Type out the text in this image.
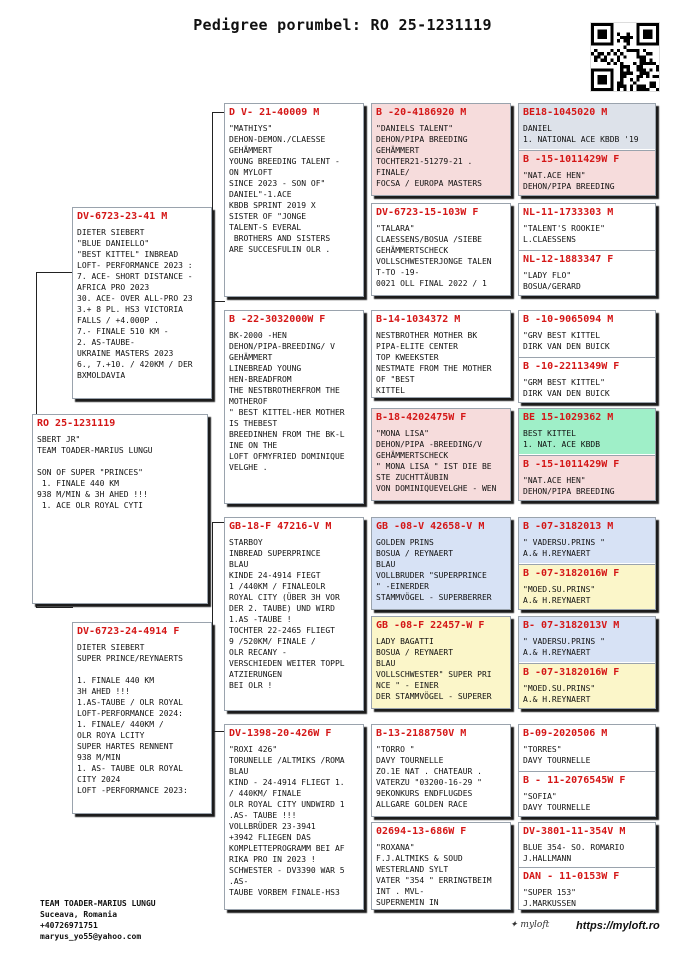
Pedigree porumbel: RO 25-1231119
RO 25-1231119
SBERT JR"
TEAM TOADER-MARIUS LUNGU

SON OF SUPER "PRINCES"
1. FINALE 440 KM
938 M/MIN & 3H AHED !!!
1. ACE OLR ROYAL CYTI
DV-6723-23-41 M
DIETER SIEBERT
"BLUE DANIELLO"
"BEST KITTEL" INBREAD
LOFT- PERFORMANCE 2023 :
7. ACE- SHORT DISTANCE -
AFRICA PRO 2023
30. ACE- OVER ALL-PRO 23
3.+ 8 PL. HS3 VICTORIA
FALLS / +4.000P .
7.- FINALE 510 KM -
2. AS-TAUBE-
UKRAINE MASTERS 2023
6., 7.+10. / 420KM / DER
BXMOLDAVIA
DV-6723-24-4914 F
DIETER SIEBERT
SUPER PRINCE/REYNAERTS

1. FINALE 440 KM
3H AHED !!!
1.AS-TAUBE / OLR ROYAL
LOFT-PERFORMANCE 2024:
1. FINALE/ 440KM /
OLR ROYA LCITY
SUPER HARTES RENNENT
938 M/MIN
1. AS- TAUBE OLR ROYAL
CITY 2024
LOFT -PERFORMANCE 2023:
D V- 21-40009 M
"MATHIYS"
DEHON-DEMON./CLAESSE
GEHÄMMERT
YOUNG BREEDING TALENT -
ON MYLOFT
SINCE 2023 - SON OF"
DANIEL"-1.ACE
KBDB SPRINT 2019 X
SISTER OF "JONGE
TALENT-S EVERAL
BROTHERS AND SISTERS
ARE SUCCESFULIN OLR .
B -22-3032000W F
BK-2000 -HEN
DEHON/PIPA-BREEDING/ V
GEHÄMMERT
LINEBREAD YOUNG
HEN-BREADFROM
THE NESTBROTHERFROM THE
MOTHEROF
" BEST KITTEL-HER MOTHER
IS THEBEST
BREEDINHEN FROM THE BK-L
INE ON THE
LOFT OFMYFRIED DOMINIQUE
VELGHE .
GB-18-F 47216-V M
STARBOY
INBREAD SUPERPRINCE
BLAU
KINDE 24-4914 FIEGT
1 /440KM / FINALEOLR
ROYAL CITY (ÜBER 3H VOR
DER 2. TAUBE) UND WIRD
1.AS -TAUBE !
TOCHTER 22-2465 FLIEGT
9 /520KM/ FINALE /
OLR RECANY -
VERSCHIEDEN WEITER TOPPL
ATZIERUNGEN
BEI OLR !
DV-1398-20-426W F
"ROXI 426"
TORUNELLE /ALTMIKS /ROMA
BLAU
KIND - 24-4914 FLIEGT 1.
/ 440KM/ FINALE
OLR ROYAL CITY UNDWIRD 1
.AS- TAUBE !!!
VOLLBRÜDER 23-3941
+3942 FLIEGEN DAS
KOMPLETTEPROGRAMM BEI AF
RIKA PRO IN 2023 !
SCHWESTER - DV3390 WAR 5
.AS-
TAUBE VORBEM FINALE-HS3
B -20-4186920 M
"DANIELS TALENT"
DEHON/PIPA BREEDING
GEHÄMMERT
TOCHTER21-51279-21 .
FINALE/
FOCSA / EUROPA MASTERS
DV-6723-15-103W F
"TALARA"
CLAESSENS/BOSUA /SIEBE
GEHÄMMERTSCHECK
VOLLSCHWESTERJONGE TALEN
T-TO -19-
0021 OLL FINAL 2022 / 1
B-14-1034372 M
NESTBROTHER MOTHER BK
PIPA-ELITE CENTER
TOP KWEEKSTER
NESTMATE FROM THE MOTHER
OF "BEST
KITTEL
B-18-4202475W F
"MONA LISA"
DEHON/PIPA -BREEDING/V
GEHÄMMERTSCHECK
" MONA LISA " IST DIE BE
STE ZUCHTTÄUBIN
VON DOMINIQUEVELGHE - WEN
GB -08-V 42658-V M
GOLDEN PRINS
BOSUA / REYNAERT
BLAU
VOLLBRUDER "SUPERPRINCE
" -EINERDER
STAMMVÖGEL - SUPERBERRER
GB -08-F 22457-W F
LADY BAGATTI
BOSUA / REYNAERT
BLAU
VOLLSCHWESTER" SUPER PRI
NCE " - EINER
DER STAMMVÖGEL - SUPERER
B-13-2188750V M
"TORRO "
DAVY TOURNELLE
ZO.1E NAT . CHATEAUR .
VATERZU "03200-16-29 "
9EKONKURS ENDFLUGDES
ALLGARE GOLDEN RACE
02694-13-686W F
"ROXANA"
F.J.ALTMIKS & SOUD
WESTERLAND SYLT
VATER "354 " ERRINGTBEIM
INT . MVL-
SUPERNEMIN IN
BE18-1045020 M
DANIEL
1. NATIONAL ACE KBDB '19
B -15-1011429W F
"NAT.ACE HEN"
DEHON/PIPA BREEDING
NL-11-1733303 M
"TALENT'S ROOKIE"
L.CLAESSENS
NL-12-1883347 F
"LADY FLO"
BOSUA/GERARD
B -10-9065094 M
"GRV BEST KITTEL
DIRK VAN DEN BUICK
B -10-2211349W F
"GRM BEST KITTEL"
DIRK VAN DEN BUICK
BE 15-1029362 M
BEST KITTEL
1. NAT. ACE KBDB
B -15-1011429W F
"NAT.ACE HEN"
DEHON/PIPA BREEDING
B -07-3182013 M
" VADERSU.PRINS "
A.& H.REYNAERT
B -07-3182016W F
"MOED.SU.PRINS"
A.& H.REYNAERT
B- 07-3182013V M
" VADERSU.PRINS "
A.& H.REYNAERT
B -07-3182016W F
"MOED.SU.PRINS"
A.& H.REYNAERT
B-09-2020506 M
"TORRES"
DAVY TOURNELLE
B - 11-2076545W F
"SOFIA"
DAVY TOURNELLE
DV-3801-11-354V M
BLUE 354- SO. ROMARIO
J.HALLMANN
DAN - 11-0153W F
"SUPER 153"
J.MARKUSSEN
TEAM TOADER-MARIUS LUNGU
Suceava, Romania
+40726971751
maryus_yo55@yahoo.com
✦ myloft https://myloft.ro
